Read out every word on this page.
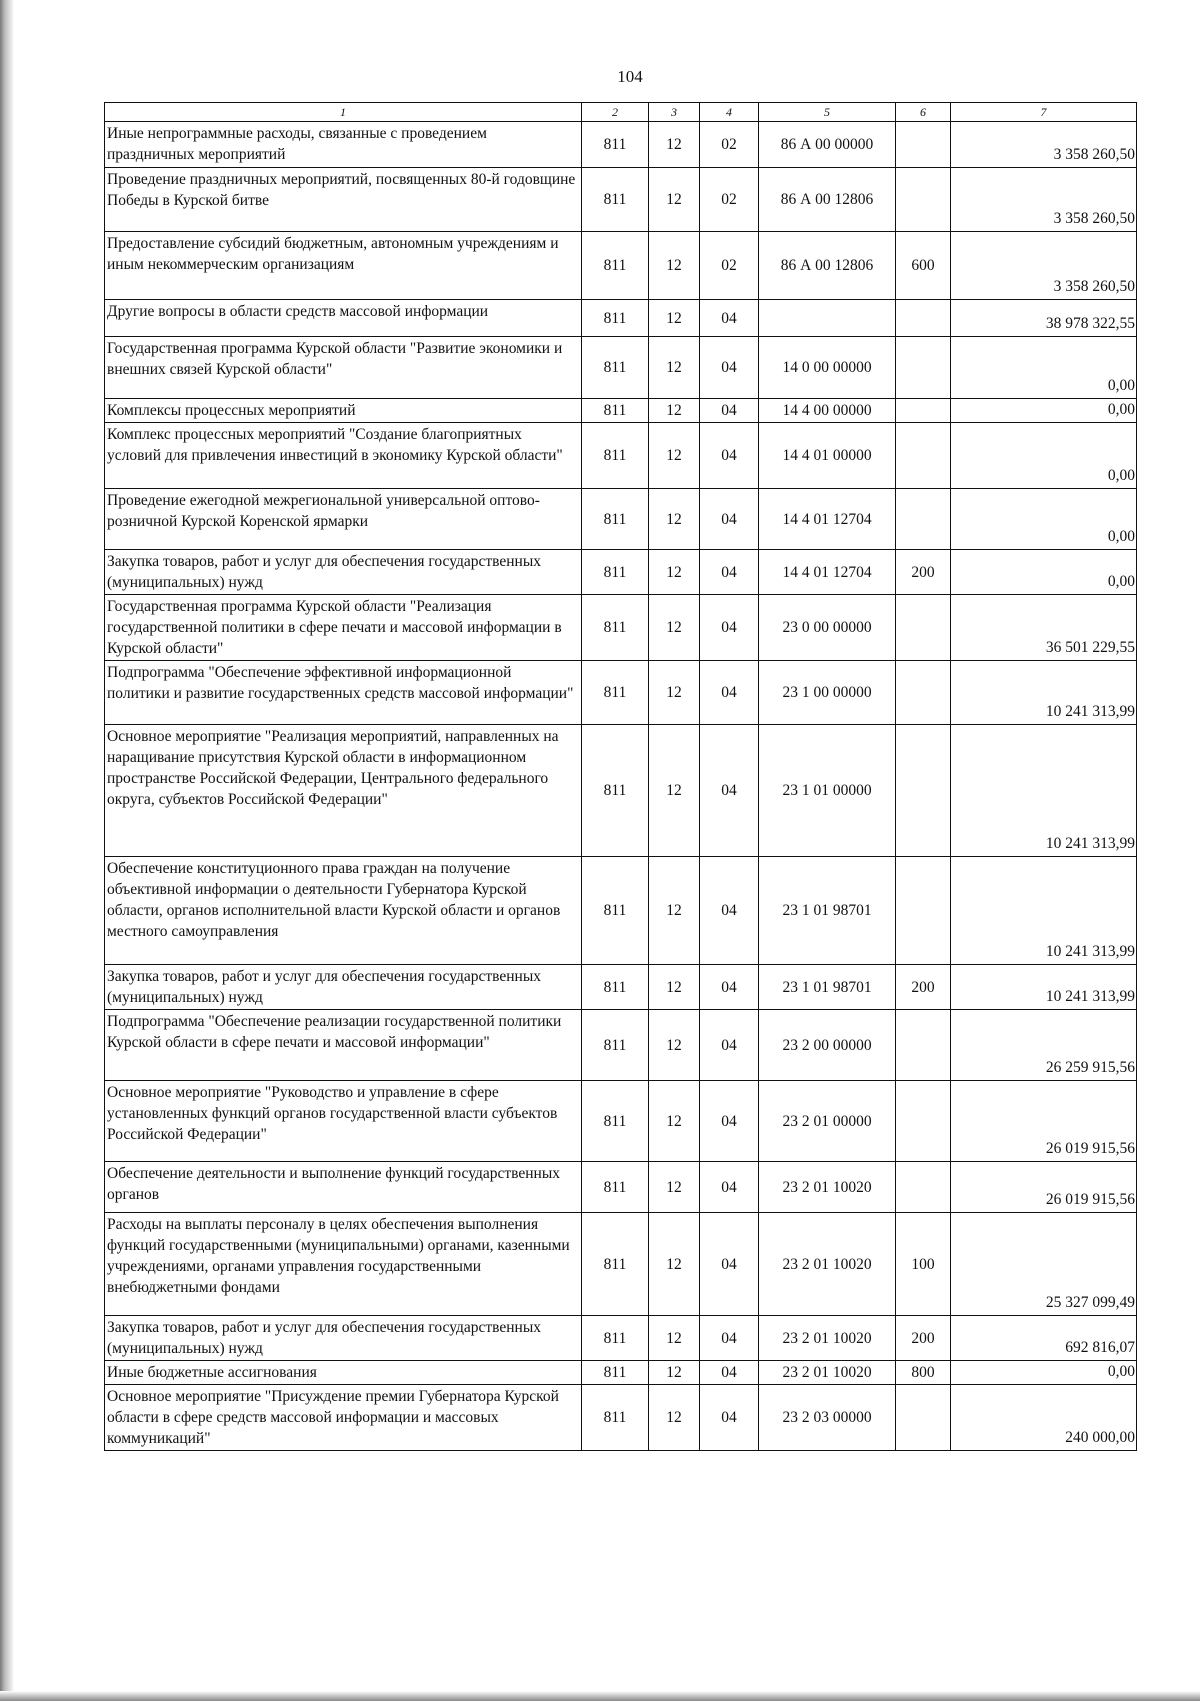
104
1	2	3	4	5	6	7
Иные непрограммные расходы, связанные с проведением праздничных мероприятий	811	12	02	86 А 00 00000		3 358 260,50
Проведение праздничных мероприятий, посвященных 80-й годовщине Победы в Курской битве	811	12	02	86 А 00 12806		3 358 260,50
Предоставление субсидий бюджетным, автономным учреждениям и иным некоммерческим организациям	811	12	02	86 А 00 12806	600	3 358 260,50
Другие вопросы в области средств массовой информации	811	12	04			38 978 322,55
Государственная программа Курской области "Развитие экономики и внешних связей Курской области"	811	12	04	14 0 00 00000		0,00
Комплексы процессных мероприятий	811	12	04	14 4 00 00000		0,00
Комплекс процессных мероприятий "Создание благоприятных условий для привлечения инвестиций в экономику Курской области"	811	12	04	14 4 01 00000		0,00
Проведение ежегодной межрегиональной универсальной оптово-розничной Курской Коренской ярмарки	811	12	04	14 4 01 12704		0,00
Закупка товаров, работ и услуг для обеспечения государственных (муниципальных) нужд	811	12	04	14 4 01 12704	200	0,00
Государственная программа Курской области "Реализация государственной политики в сфере печати и массовой информации в Курской области"	811	12	04	23 0 00 00000		36 501 229,55
Подпрограмма "Обеспечение эффективной информационной политики и развитие государственных средств массовой информации"	811	12	04	23 1 00 00000		10 241 313,99
Основное мероприятие "Реализация мероприятий, направленных на наращивание присутствия Курской области в информационном пространстве Российской Федерации, Центрального федерального округа, субъектов Российской Федерации"	811	12	04	23 1 01 00000		10 241 313,99
Обеспечение конституционного права граждан на получение объективной информации о деятельности Губернатора Курской области, органов исполнительной власти Курской области и органов местного самоуправления	811	12	04	23 1 01 98701		10 241 313,99
Закупка товаров, работ и услуг для обеспечения государственных (муниципальных) нужд	811	12	04	23 1 01 98701	200	10 241 313,99
Подпрограмма "Обеспечение реализации государственной политики Курской области в сфере печати и массовой информации"	811	12	04	23 2 00 00000		26 259 915,56
Основное мероприятие "Руководство и управление в сфере установленных функций органов государственной власти субъектов Российской Федерации"	811	12	04	23 2 01 00000		26 019 915,56
Обеспечение деятельности и выполнение функций государственных органов	811	12	04	23 2 01 10020		26 019 915,56
Расходы на выплаты персоналу в целях обеспечения выполнения функций государственными (муниципальными) органами, казенными учреждениями, органами управления государственными внебюджетными фондами	811	12	04	23 2 01 10020	100	25 327 099,49
Закупка товаров, работ и услуг для обеспечения государственных (муниципальных) нужд	811	12	04	23 2 01 10020	200	692 816,07
Иные бюджетные ассигнования	811	12	04	23 2 01 10020	800	0,00
Основное мероприятие "Присуждение премии Губернатора Курской области в сфере средств массовой информации и массовых коммуникаций"	811	12	04	23 2 03 00000		240 000,00
